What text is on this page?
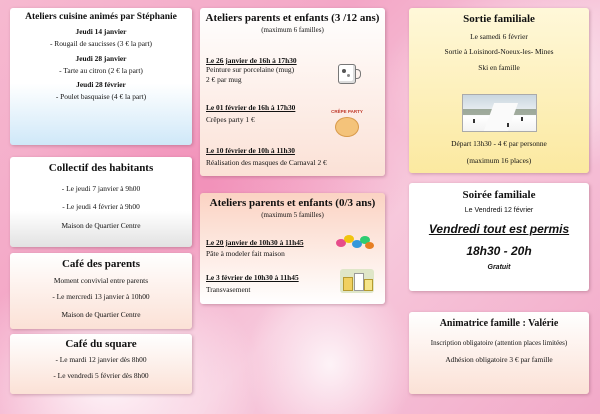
Ateliers cuisine animés par Stéphanie
Jeudi 14 janvier
- Rougail de saucisses (3 € la part)
Jeudi 28 janvier
- Tarte au citron (2 € la part)
Jeudi 28 février
- Poulet basquaise (4 € la part)
Collectif des habitants
- Le jeudi 7 janvier à 9h00
- Le jeudi 4 février à 9h00
Maison de Quartier Centre
Café des parents
Moment convivial entre parents
- Le mercredi 13 janvier à 10h00
Maison de Quartier Centre
Café du square
- Le mardi 12 janvier dès 8h00
- Le vendredi 5 février dès 8h00
Ateliers parents et enfants (3 /12 ans)
(maximum 6 familles)
Le 26 janvier de 16h à 17h30
Peinture sur porcelaine (mug)
2 € par mug
Le 01 février de 16h à 17h30
Crêpes party 1 €
CRÊPE PARTY
Le 10 février de 10h à 11h30
Réalisation des masques de Carnaval 2 €
Ateliers parents et enfants (0/3 ans)
(maximum 5 familles)
Le 20 janvier de 10h30 à 11h45
Pâte à modeler fait maison
Le 3 février de 10h30 à 11h45
Transvasement
Sortie familiale
Le samedi 6 février
Sortie à Loisinord-Noeux-les- Mines
Ski en famille
Départ 13h30 - 4 € par personne
(maximum 16 places)
Soirée familiale
Le Vendredi 12 février
Vendredi tout est permis
18h30 - 20h
Gratuit
Animatrice famille : Valérie
Inscription obligatoire (attention places limitées)
Adhésion obligatoire 3 € par famille
